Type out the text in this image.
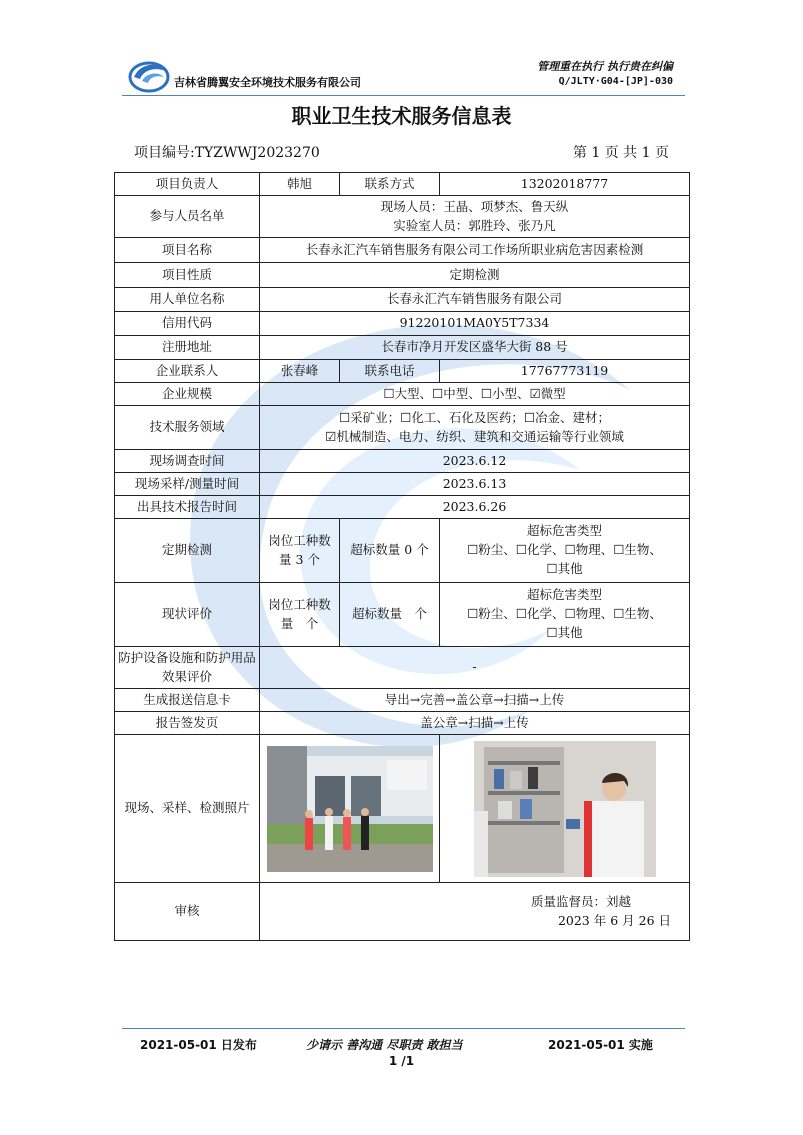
吉林省腾翼安全环境技术服务有限公司
管理重在执行 执行贵在纠偏
Q/JLTY·G04-[JP]-030
职业卫生技术服务信息表
项目编号:TYZWWJ2023270	第 1 页 共 1 页
项目负责人	韩旭	联系方式	13202018777
参与人员名单	现场人员：王晶、项梦杰、鲁天纵
实验室人员：郭胜玲、张乃凡		

项目名称	长春永汇汽车销售服务有限公司工作场所职业病危害因素检测		
项目性质	定期检测		
用人单位名称	长春永汇汽车销售服务有限公司		
信用代码	91220101MA0Y5T7334		
注册地址	长春市净月开发区盛华大街 88 号		
企业联系人	张春峰	联系电话	17767773119
企业规模	☐大型、☐中型、☐小型、☑微型		
技术服务领域	☐采矿业；☐化工、石化及医药；☐冶金、建材；
☑机械制造、电力、纺织、建筑和交通运输等行业领域		

现场调查时间	2023.6.12		
现场采样/测量时间	2023.6.13		
出具技术报告时间	2023.6.26		
定期检测	岗位工种数量 3 个	超标数量 0 个	超标危害类型
☐粉尘、☐化学、☐物理、☐生物、
☐其他

现状评价	岗位工种数量　个	超标数量　个	超标危害类型
☐粉尘、☐化学、☐物理、☐生物、
☐其他

防护设备设施和防护用品效果评价	-		
生成报送信息卡	导出→完善→盖公章→扫描→上传		
报告签发页	盖公章→扫描→上传		
现场、采样、检测照片	

审核	质量监督员：刘越
2023 年 6 月 26 日		
2021-05-01 日发布	少请示 善沟通 尽职责 敢担当	2021-05-01 实施
1 /1
